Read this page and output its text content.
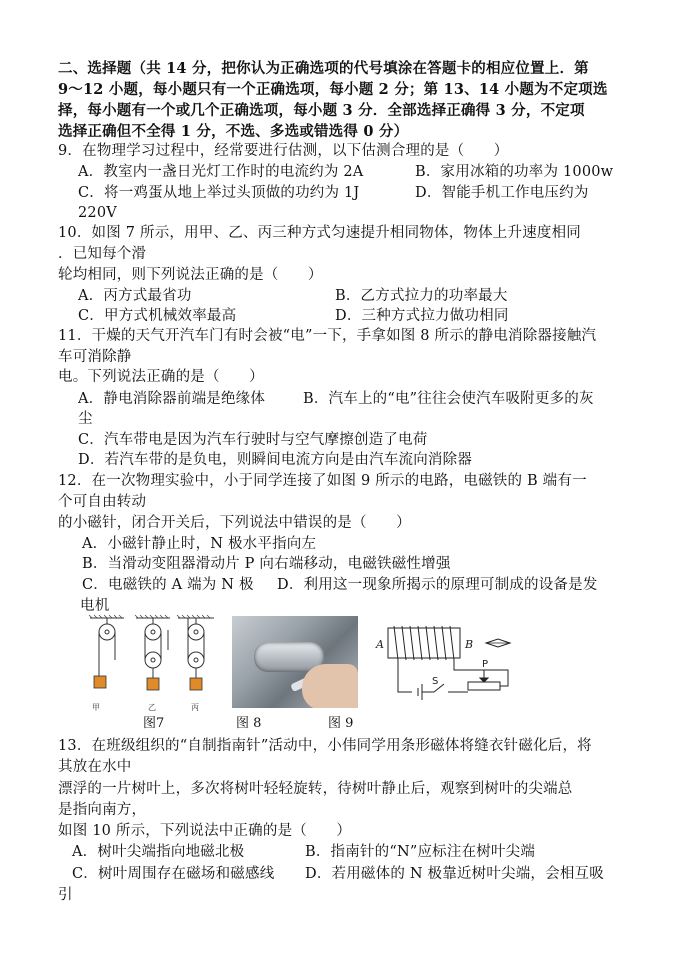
二、选择题（共 14 分，把你认为正确选项的代号填涂在答题卡的相应位置上．第
9～12 小题，每小题只有一个正确选项，每小题 2 分；第 13、14 小题为不定项选
择，每小题有一个或几个正确选项，每小题 3 分．全部选择正确得 3 分，不定项
选择正确但不全得 1 分，不选、多选或错选得 0 分）
9．在物理学习过程中，经常要进行估测，以下估测合理的是（　　）
A．教室内一盏日光灯工作时的电流约为 2A	B．家用冰箱的功率为 1000w
C．将一鸡蛋从地上举过头顶做的功约为 1J	D．智能手机工作电压约为
220V
10．如图 7 所示，用甲、乙、丙三种方式匀速提升相同物体，物体上升速度相同
．已知每个滑
轮均相同，则下列说法正确的是（　　）
A．丙方式最省功	B．乙方式拉力的功率最大
C．甲方式机械效率最高	D．三种方式拉力做功相同
11．干燥的天气开汽车门有时会被“电”一下，手拿如图 8 所示的静电消除器接触汽
车可消除静
电。下列说法正确的是（　　）
A．静电消除器前端是绝缘体	B．汽车上的“电”往往会使汽车吸附更多的灰
尘
C．汽车带电是因为汽车行驶时与空气摩擦创造了电荷
D．若汽车带的是负电，则瞬间电流方向是由汽车流向消除器
12．在一次物理实验中，小于同学连接了如图 9 所示的电路，电磁铁的 B 端有一
个可自由转动
的小磁针，闭合开关后，下列说法中错误的是（　　）
A．小磁针静止时，N 极水平指向左
B．当滑动变阻器滑动片 P 向右端移动，电磁铁磁性增强
C．电磁铁的 A 端为 N 极 D．利用这一现象所揭示的原理可制成的设备是发
电机
甲	乙	丙
A	B
S
P
图7	图 8	图 9
13．在班级组织的“自制指南针”活动中，小伟同学用条形磁体将缝衣针磁化后，将
其放在水中
漂浮的一片树叶上，多次将树叶轻轻旋转，待树叶静止后，观察到树叶的尖端总
是指向南方，
如图 10 所示，下列说法中正确的是（　　）
A．树叶尖端指向地磁北极	B．指南针的“N”应标注在树叶尖端
C．树叶周围存在磁场和磁感线 D．若用磁体的 N 极靠近树叶尖端，会相互吸
引
